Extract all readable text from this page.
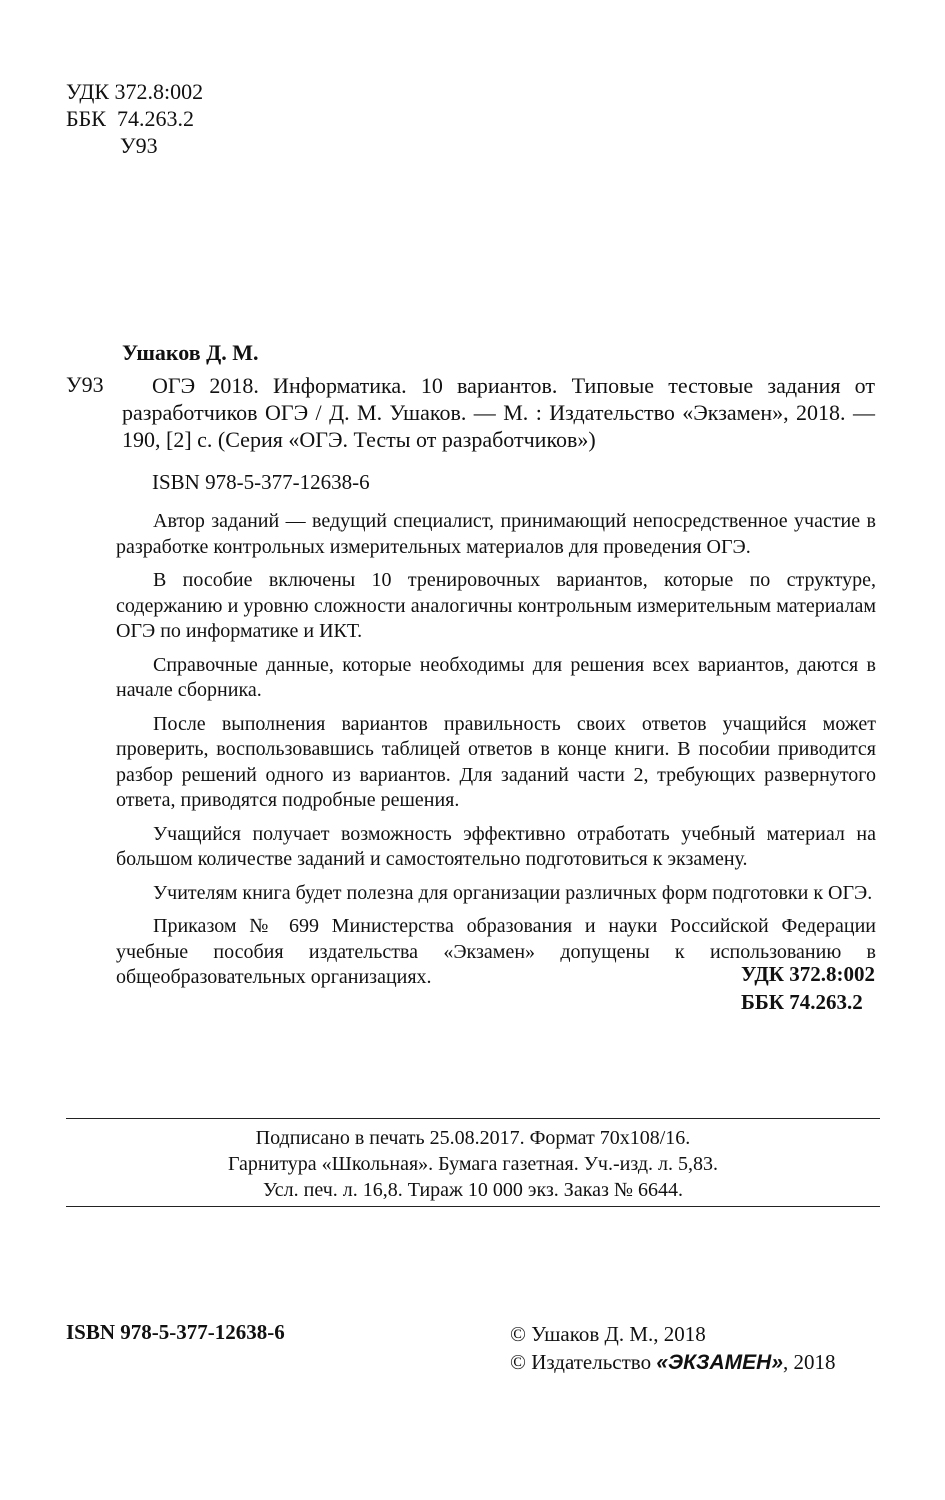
УДК 372.8:002
ББК  74.263.2
У93
Ушаков Д. М.
У93	ОГЭ 2018. Информатика. 10 вариантов. Типовые тестовые задания от разработчиков ОГЭ / Д. М. Ушаков. — М. : Издательство «Экзамен», 2018. — 190, [2] с. (Серия «ОГЭ. Тесты от разработчиков»)

ISBN 978-5-377-12638-6

Автор заданий — ведущий специалист, принимающий непосредственное участие в разработке контрольных измерительных материалов для проведения ОГЭ.

В пособие включены 10 тренировочных вариантов, которые по структуре, содержанию и уровню сложности аналогичны контрольным измерительным материалам ОГЭ по информатике и ИКТ.

Справочные данные, которые необходимы для решения всех вариантов, даются в начале сборника.

После выполнения вариантов правильность своих ответов учащийся может проверить, воспользовавшись таблицей ответов в конце книги. В пособии приводится разбор решений одного из вариантов. Для заданий части 2, требующих развернутого ответа, приводятся подробные решения.

Учащийся получает возможность эффективно отработать учебный материал на большом количестве заданий и самостоятельно подготовиться к экзамену.

Учителям книга будет полезна для организации различных форм подготовки к ОГЭ.

Приказом № 699 Министерства образования и науки Российской Федерации учебные пособия издательства «Экзамен» допущены к использованию в общеобразовательных организациях.	УДК 372.8:002
ББК 74.263.2
Подписано в печать 25.08.2017. Формат 70x108/16.
Гарнитура «Школьная». Бумага газетная. Уч.-изд. л. 5,83.
Усл. печ. л. 16,8. Тираж 10 000 экз. Заказ № 6644.
ISBN 978-5-377-12638-6	© Ушаков Д. М., 2018
© Издательство «ЭКЗАМЕН», 2018
